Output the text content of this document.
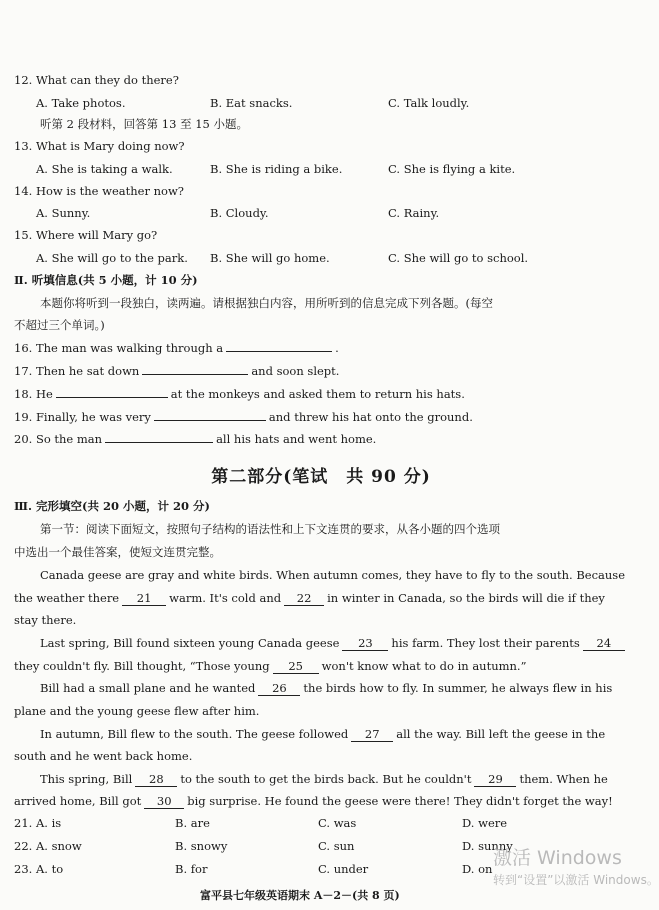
12. What can they do there?
A. Take photos.	B. Eat snacks.	C. Talk loudly.
听第 2 段材料，回答第 13 至 15 小题。
13. What is Mary doing now?
A. She is taking a walk.	B. She is riding a bike.	C. She is flying a kite.
14. How is the weather now?
A. Sunny.	B. Cloudy.	C. Rainy.
15. Where will Mary go?
A. She will go to the park. B. She will go home.	C. She will go to school.
Ⅱ. 听填信息(共 5 小题，计 10 分)
本题你将听到一段独白，读两遍。请根据独白内容，用所听到的信息完成下列各题。(每空
不超过三个单词。)
16. The man was walking through a	.
17. Then he sat down	and soon slept.
18. He	at the monkeys and asked them to return his hats.
19. Finally, he was very	and threw his hat onto the ground.
20. So the man	all his hats and went home.
第二部分(笔试　共 90 分)
Ⅲ. 完形填空(共 20 小题，计 20 分)
第一节：阅读下面短文，按照句子结构的语法性和上下文连贯的要求，从各小题的四个选项
中选出一个最佳答案，使短文连贯完整。
Canada geese are gray and white birds. When autumn comes, they have to fly to the south. Because
the weather there 21 warm. It's cold and 22 in winter in Canada, so the birds will die if they
stay there.
Last spring, Bill found sixteen young Canada geese 23 his farm. They lost their parents 24
they couldn't fly. Bill thought, “Those young 25 won't know what to do in autumn.”
Bill had a small plane and he wanted 26 the birds how to fly. In summer, he always flew in his
plane and the young geese flew after him.
In autumn, Bill flew to the south. The geese followed 27 all the way. Bill left the geese in the
south and he went back home.
This spring, Bill 28 to the south to get the birds back. But he couldn't 29 them. When he
arrived home, Bill got 30 big surprise. He found the geese were there! They didn't forget the way!
21. A. is	B. are	C. was	D. were
22. A. snow	B. snowy	C. sun	D. sunny
23. A. to	B. for	C. under	D. on
富平县七年级英语期末 A－2－(共 8 页)
激活 Windows
转到“设置”以激活 Windows。
